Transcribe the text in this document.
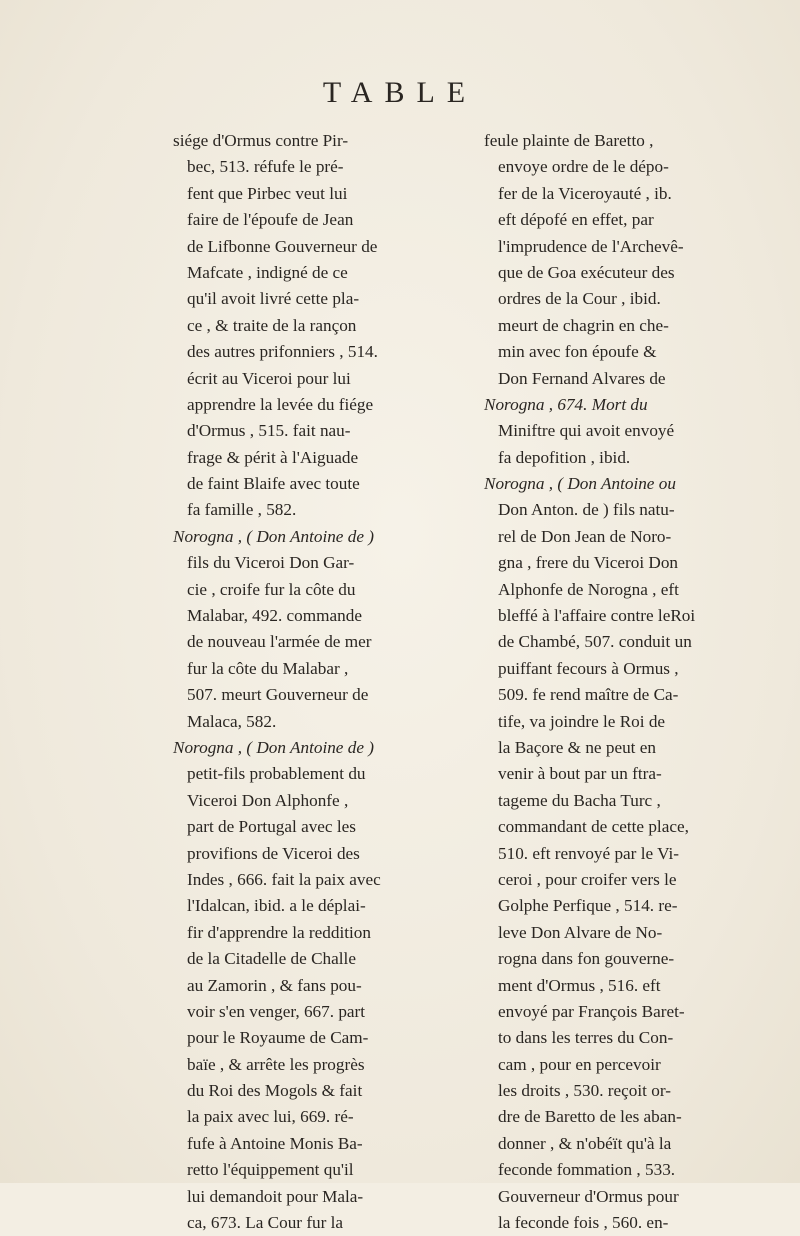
TABLE
siége d'Ormus contre Pir-
bec, 513. réfufe le pré-
fent que Pirbec veut lui
faire de l'époufe de Jean
de Lifbonne Gouverneur de
Mafcate , indigné de ce
qu'il avoit livré cette pla-
ce , & traite de la rançon
des autres prifonniers , 514.
écrit au Viceroi pour lui
apprendre la levée du fiége
d'Ormus , 515. fait nau-
frage & périt à l'Aiguade
de faint Blaife avec toute
fa famille , 582.
Norogna , ( Don Antoine de )
fils du Viceroi Don Gar-
cie , croife fur la côte du
Malabar, 492. commande
de nouveau l'armée de mer
fur la côte du Malabar ,
507. meurt Gouverneur de
Malaca, 582.
Norogna , ( Don Antoine de )
petit-fils probablement du
Viceroi Don Alphonfe ,
part de Portugal avec les
provifions de Viceroi des
Indes , 666. fait la paix avec
l'Idalcan, ibid. a le déplai-
fir d'apprendre la reddition
de la Citadelle de Challe
au Zamorin , & fans pou-
voir s'en venger, 667. part
pour le Royaume de Cam-
baïe , & arrête les progrès
du Roi des Mogols & fait
la paix avec lui, 669. ré-
fufe à Antoine Monis Ba-
retto l'équippement qu'il
lui demandoit pour Mala-
ca, 673. La Cour fur la
feule plainte de Baretto ,
envoye ordre de le dépo-
fer de la Viceroyauté , ib.
eft dépofé en effet, par
l'imprudence de l'Archevê-
que de Goa exécuteur des
ordres de la Cour , ibid.
meurt de chagrin en che-
min avec fon époufe &
Don Fernand Alvares de
Norogna , 674. Mort du
Miniftre qui avoit envoyé
fa depofition , ibid.
Norogna , ( Don Antoine ou
Don Anton. de ) fils natu-
rel de Don Jean de Noro-
gna , frere du Viceroi Don
Alphonfe de Norogna , eft
bleffé à l'affaire contre leRoi
de Chambé, 507. conduit un
puiffant fecours à Ormus ,
509. fe rend maître de Ca-
tife, va joindre le Roi de
la Baçore & ne peut en
venir à bout par un ftra-
tageme du Bacha Turc ,
commandant de cette place,
510. eft renvoyé par le Vi-
ceroi , pour croifer vers le
Golphe Perfique , 514. re-
leve Don Alvare de No-
rogna dans fon gouverne-
ment d'Ormus , 516. eft
envoyé par François Baret-
to dans les terres du Con-
cam , pour en percevoir
les droits , 530. reçoit or-
dre de Baretto de les aban-
donner , & n'obéït qu'à la
feconde fommation , 533.
Gouverneur d'Ormus pour
la feconde fois , 560. en-
